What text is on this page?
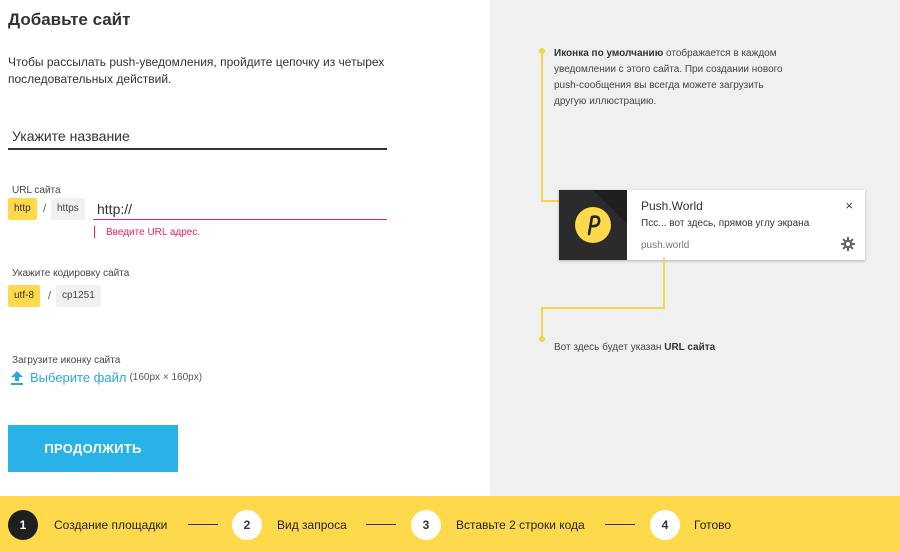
Добавьте сайт
Чтобы рассылать push-уведомления, пройдите цепочку из четырех последовательных действий.
Укажите название
URL сайта
http	/	https
http://
Введите URL адрес.
Укажите кодировку сайта
utf-8	/	cp1251
Загрузите иконку сайта
Выберите файл (160px × 160px)
ПРОДОЛЖИТЬ
Иконка по умолчанию отображается в каждом уведомлении с этого сайта. При создании нового push-сообщения вы всегда можете загрузить другую иллюстрацию.
Push.World
Псс... вот здесь, прямов углу экрана
push.world
×
Вот здесь будет указан URL сайта
1	Создание площадки	2	Вид запроса	3	Вставьте 2 строки кода	4	Готово
